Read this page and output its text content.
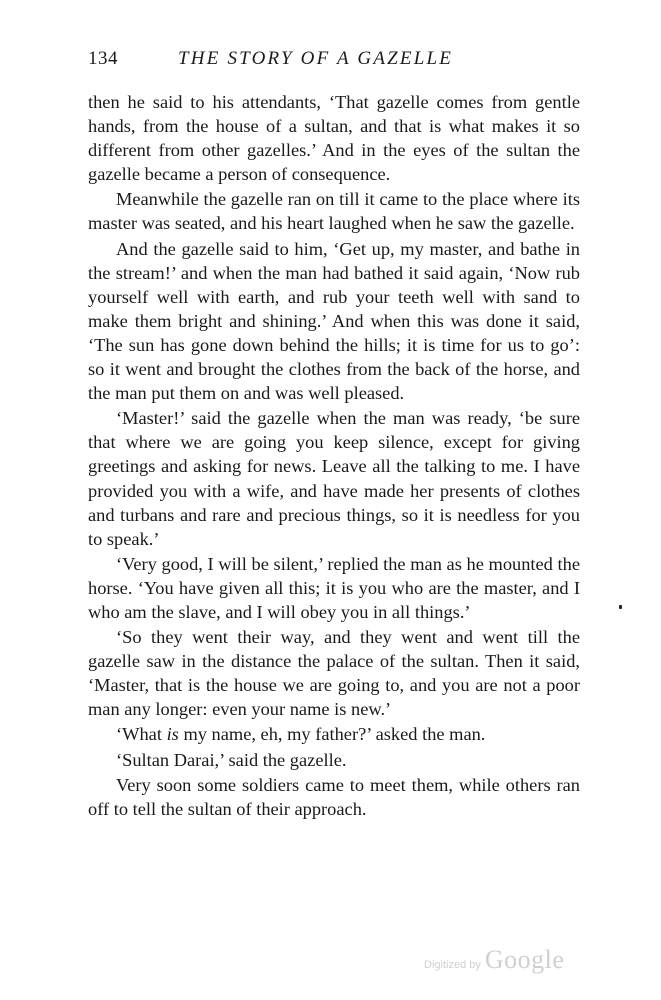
134	THE STORY OF A GAZELLE

then he said to his attendants, ‘That gazelle comes from gentle hands, from the house of a sultan, and that is what makes it so different from other gazelles.’ And in the eyes of the sultan the gazelle became a person of consequence.

Meanwhile the gazelle ran on till it came to the place where its master was seated, and his heart laughed when he saw the gazelle.

And the gazelle said to him, ‘Get up, my master, and bathe in the stream!’ and when the man had bathed it said again, ‘Now rub yourself well with earth, and rub your teeth well with sand to make them bright and shining.’ And when this was done it said, ‘The sun has gone down behind the hills; it is time for us to go’: so it went and brought the clothes from the back of the horse, and the man put them on and was well pleased.

‘Master!’ said the gazelle when the man was ready, ‘be sure that where we are going you keep silence, except for giving greetings and asking for news. Leave all the talking to me. I have provided you with a wife, and have made her presents of clothes and turbans and rare and precious things, so it is needless for you to speak.’

‘Very good, I will be silent,’ replied the man as he mounted the horse. ‘You have given all this; it is you who are the master, and I who am the slave, and I will obey you in all things.’

‘So they went their way, and they went and went till the gazelle saw in the distance the palace of the sultan. Then it said, ‘Master, that is the house we are going to, and you are not a poor man any longer: even your name is new.’

‘What is my name, eh, my father?’ asked the man.

‘Sultan Darai,’ said the gazelle.

Very soon some soldiers came to meet them, while others ran off to tell the sultan of their approach.

Digitized by Google
